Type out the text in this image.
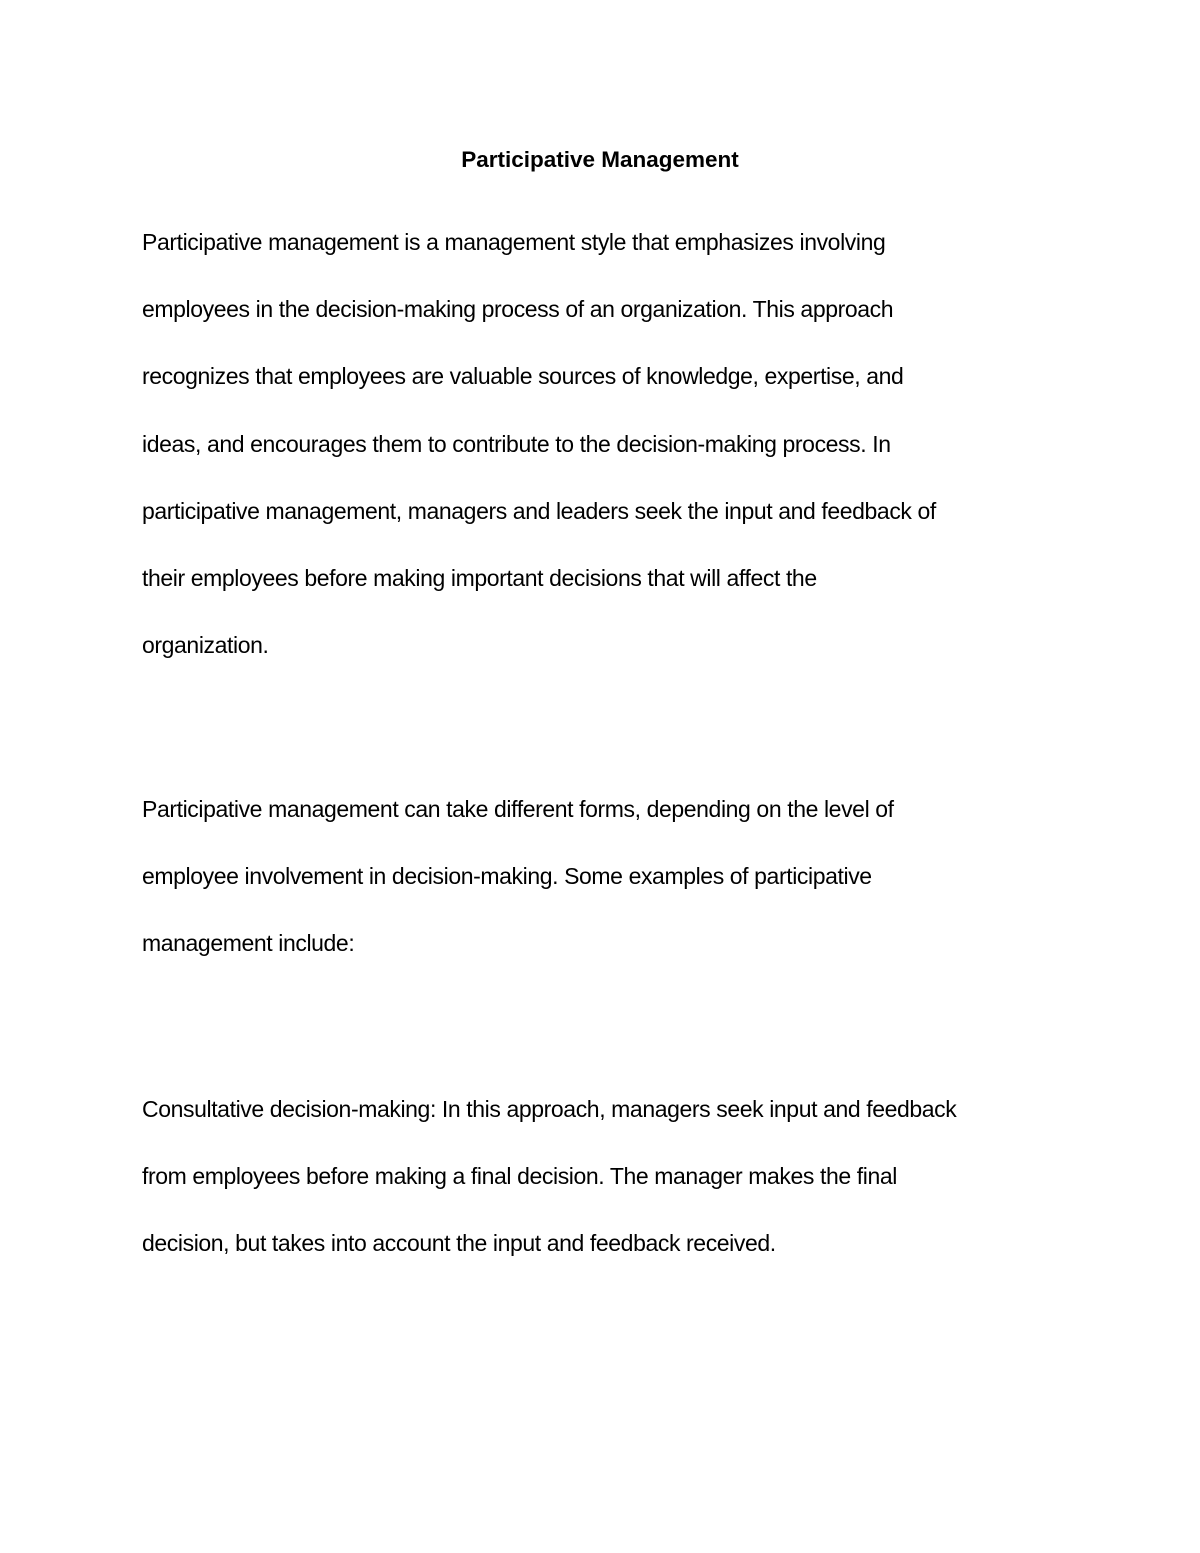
Participative Management
Participative management is a management style that emphasizes involving
employees in the decision-making process of an organization. This approach
recognizes that employees are valuable sources of knowledge, expertise, and
ideas, and encourages them to contribute to the decision-making process. In
participative management, managers and leaders seek the input and feedback of
their employees before making important decisions that will affect the
organization.
Participative management can take different forms, depending on the level of
employee involvement in decision-making. Some examples of participative
management include:
Consultative decision-making: In this approach, managers seek input and feedback
from employees before making a final decision. The manager makes the final
decision, but takes into account the input and feedback received.
